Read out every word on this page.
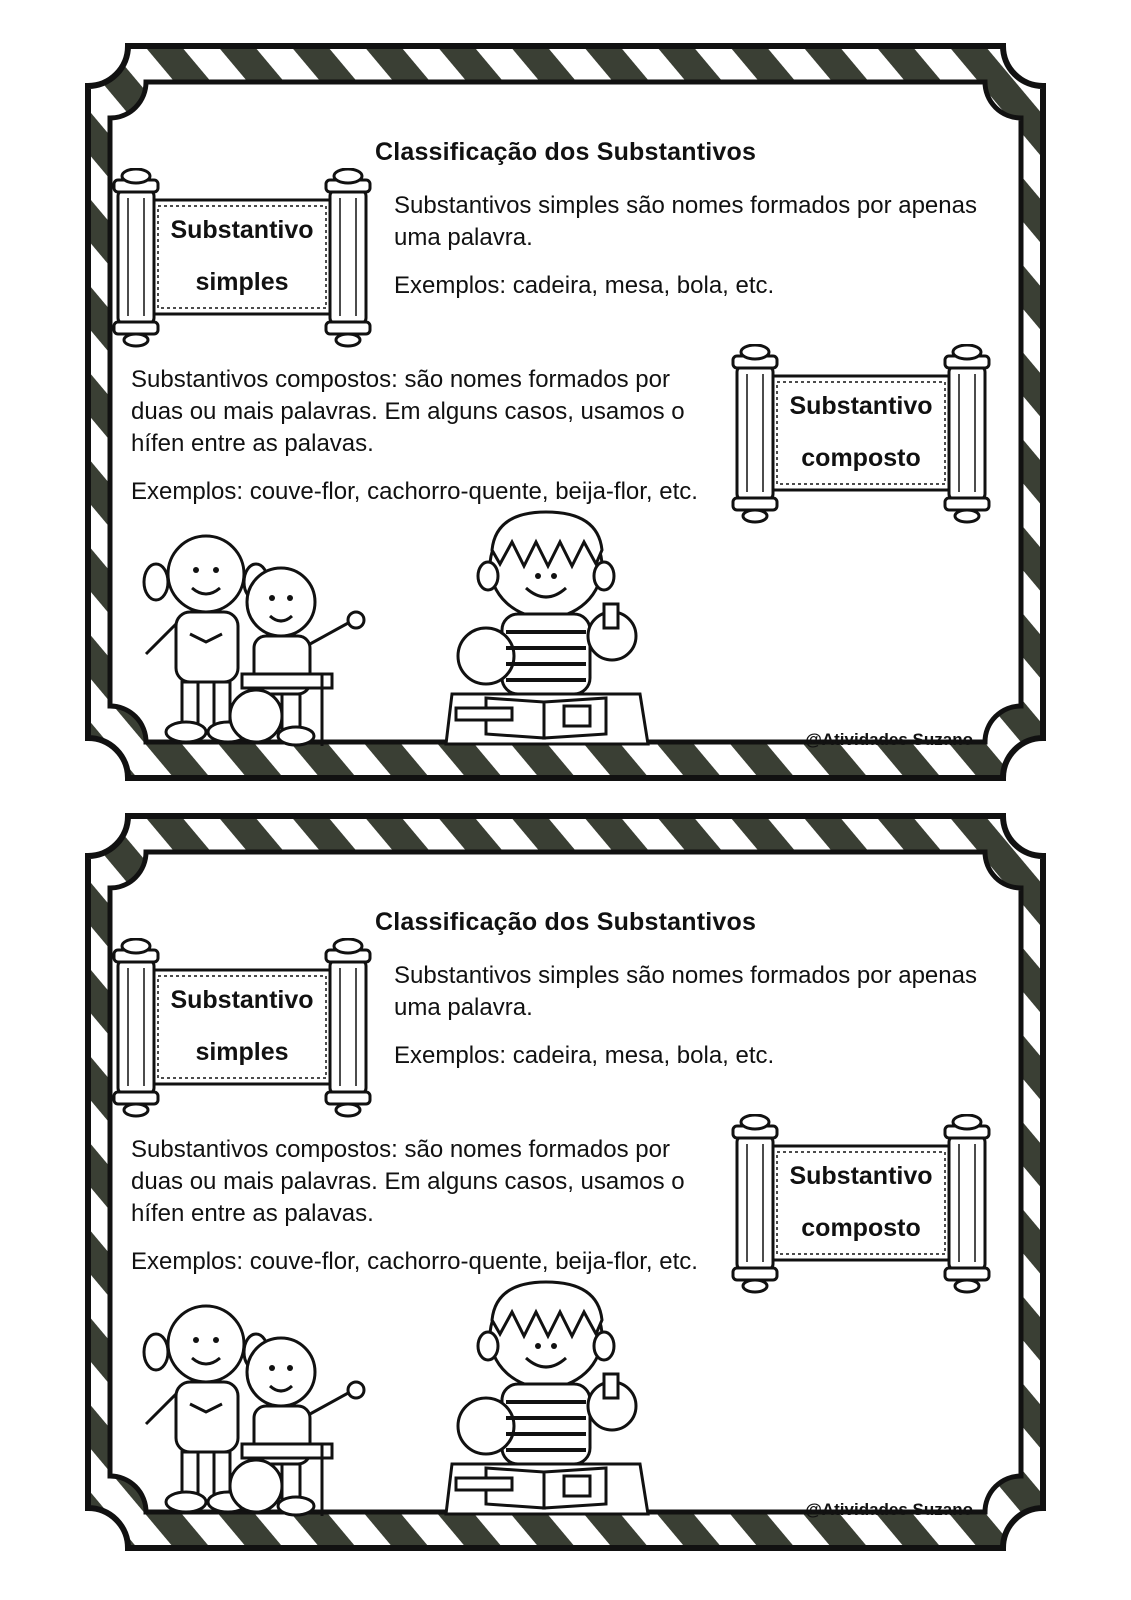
Classificação dos Substantivos
Substantivo
simples

Substantivos simples são nomes formados por apenas uma palavra.

Exemplos: cadeira, mesa, bola, etc.

Substantivos compostos: são nomes formados por duas ou mais palavras. Em alguns casos, usamos o hífen entre as palavas.

Exemplos: couve-flor, cachorro-quente, beija-flor, etc.

Substantivo
composto
@Atividades Suzano
Classificação dos Substantivos
Substantivo
simples

Substantivos simples são nomes formados por apenas uma palavra.

Exemplos: cadeira, mesa, bola, etc.

Substantivos compostos: são nomes formados por duas ou mais palavras. Em alguns casos, usamos o hífen entre as palavas.

Exemplos: couve-flor, cachorro-quente, beija-flor, etc.

Substantivo
composto
@Atividades Suzano
